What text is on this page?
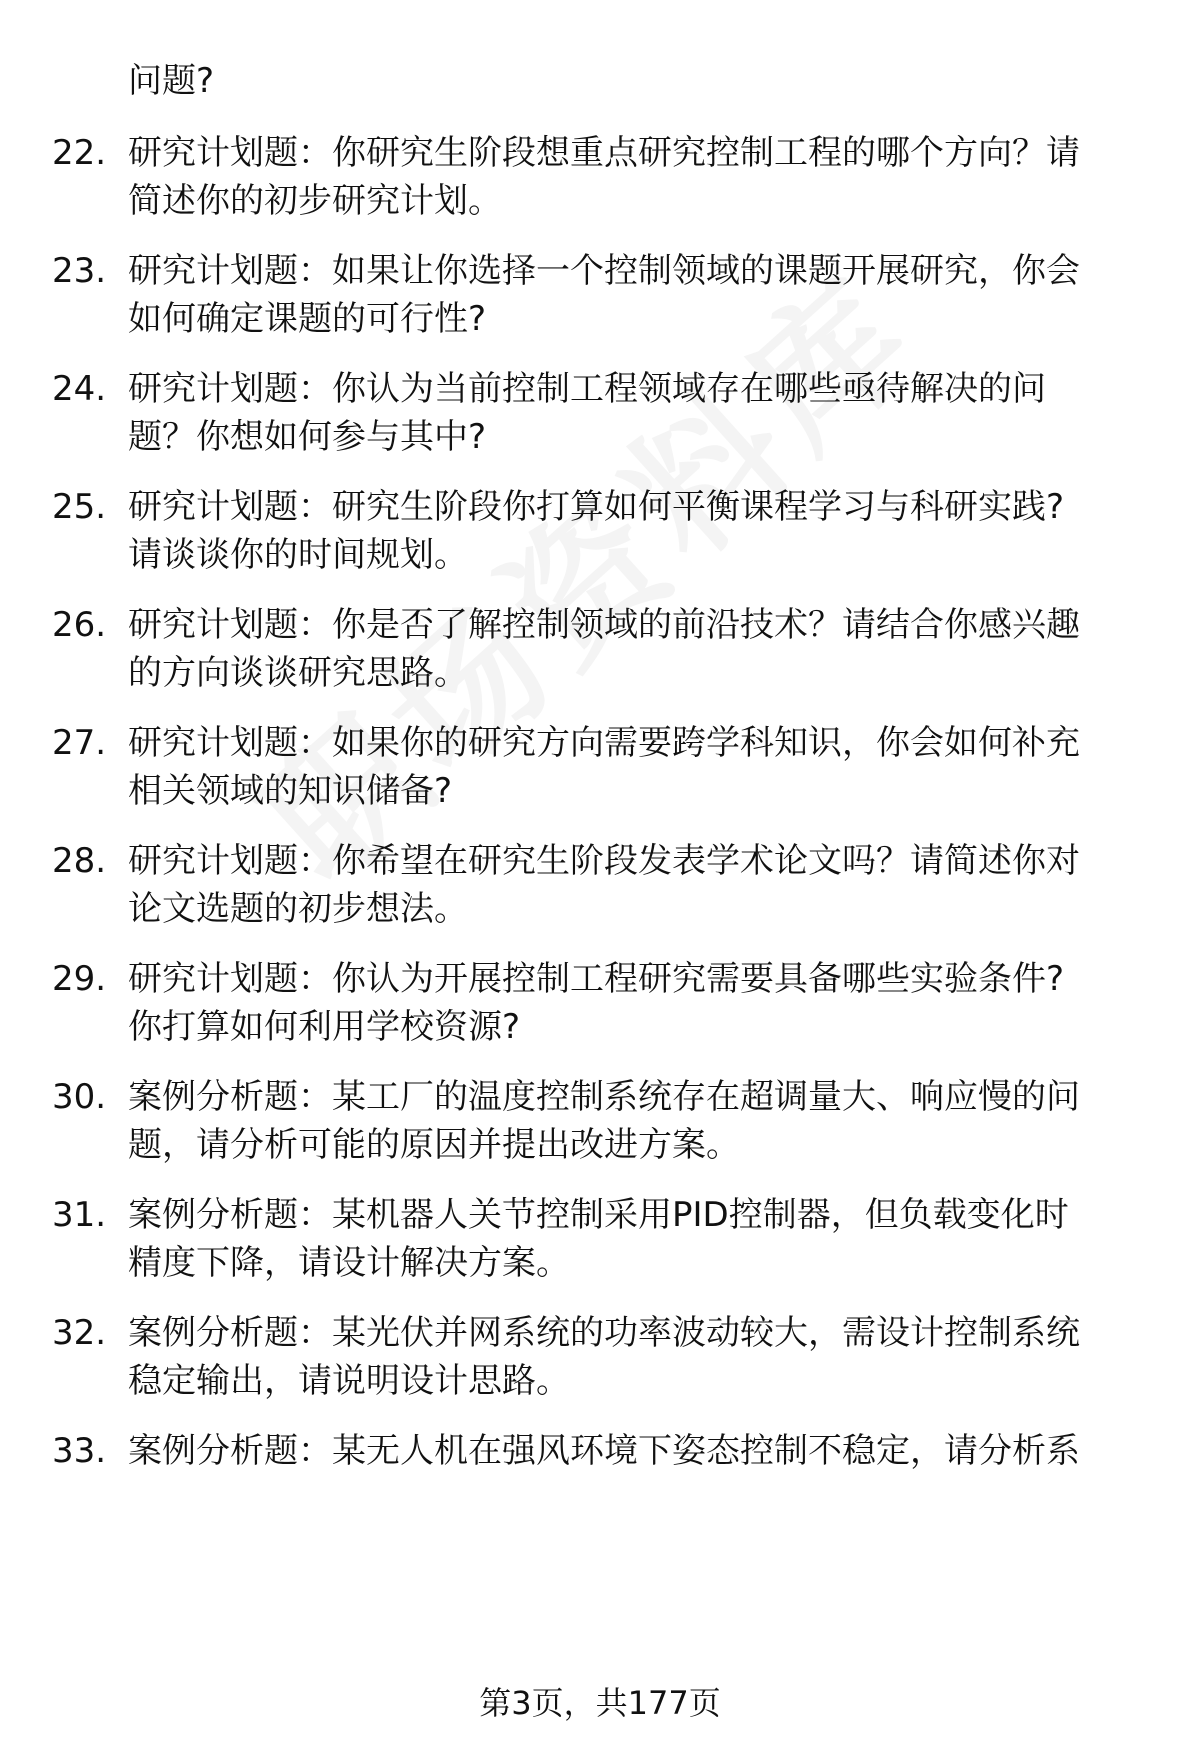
问题?
22. 研究计划题：你研究生阶段想重点研究控制工程的哪个方向？请
简述你的初步研究计划。
23. 研究计划题：如果让你选择一个控制领域的课题开展研究，你会
如何确定课题的可行性?
24. 研究计划题：你认为当前控制工程领域存在哪些亟待解决的问
题？你想如何参与其中?
25. 研究计划题：研究生阶段你打算如何平衡课程学习与科研实践?
请谈谈你的时间规划。
26. 研究计划题：你是否了解控制领域的前沿技术？请结合你感兴趣
的方向谈谈研究思路。
27. 研究计划题：如果你的研究方向需要跨学科知识，你会如何补充
相关领域的知识储备?
28. 研究计划题：你希望在研究生阶段发表学术论文吗？请简述你对
论文选题的初步想法。
29. 研究计划题：你认为开展控制工程研究需要具备哪些实验条件?
你打算如何利用学校资源?
30. 案例分析题：某工厂的温度控制系统存在超调量大、响应慢的问
题，请分析可能的原因并提出改进方案。
31. 案例分析题：某机器人关节控制采用PID控制器，但负载变化时
精度下降，请设计解决方案。
32. 案例分析题：某光伏并网系统的功率波动较大，需设计控制系统
稳定输出，请说明设计思路。
33. 案例分析题：某无人机在强风环境下姿态控制不稳定，请分析系
第3页，共177页
